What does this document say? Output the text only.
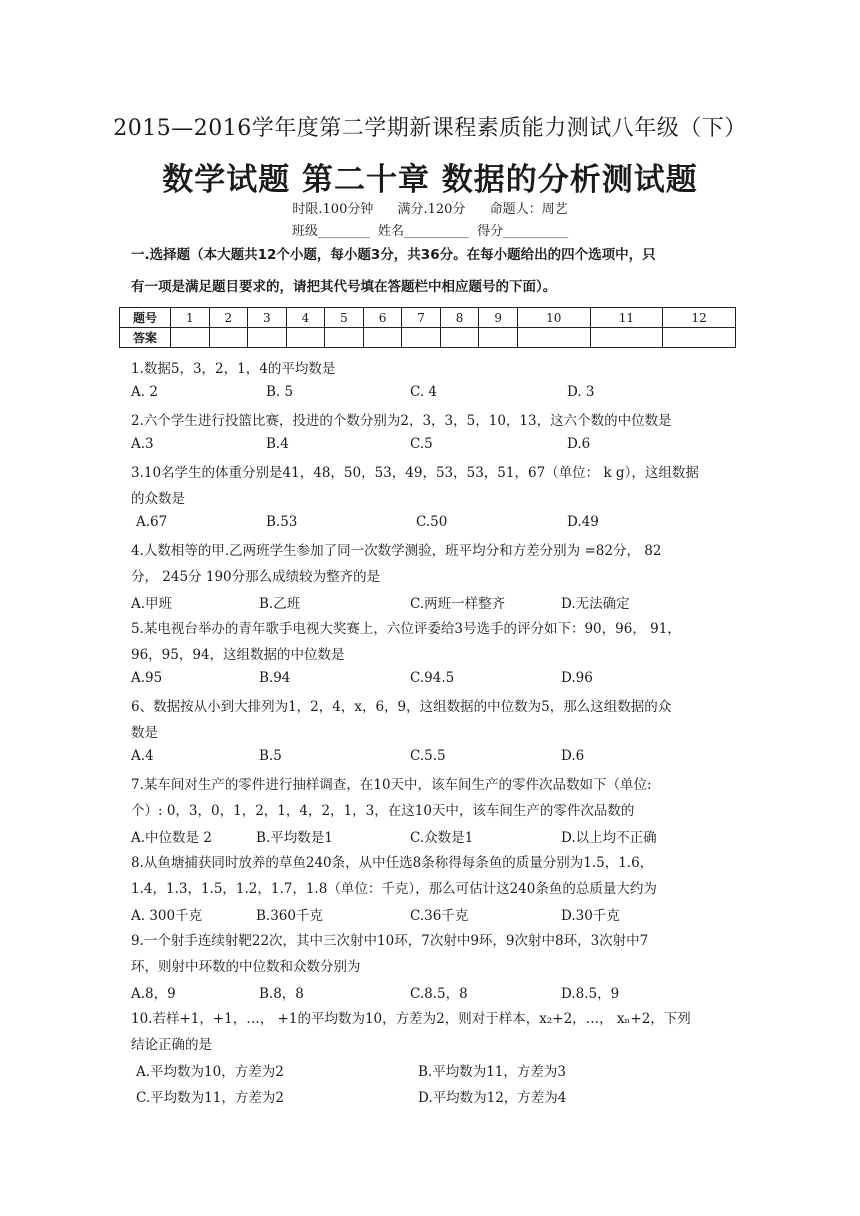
2015—2016学年度第二学期新课程素质能力测试八年级（下）
数学试题 第二十章 数据的分析测试题
时限.100分钟 满分.120分 命题人：周艺
班级________ 姓名__________ 得分__________
一.选择题（本大题共12个小题，每小题3分，共36分。在每小题给出的四个选项中，只
有一项是满足题目要求的，请把其代号填在答题栏中相应题号的下面）。
题号	1	2	3	4	5	6	7	8	9	10	11	12
答案												
1.数据5，3，2，1，4的平均数是
A. 2	B. 5	C. 4	D. 3
2.六个学生进行投篮比赛，投进的个数分别为2，3，3，5，10，13，这六个数的中位数是
A.3	B.4	C.5	D.6
3.10名学生的体重分别是41，48，50，53，49，53，53，51，67（单位： k g），这组数据
的众数是
A.67	B.53	C.50	D.49
4.人数相等的甲.乙两班学生参加了同一次数学测验，班平均分和方差分别为 =82分， 82
分， 245分 190分那么成绩较为整齐的是
A.甲班	B.乙班	C.两班一样整齐	D.无法确定
5.某电视台举办的青年歌手电视大奖赛上，六位评委给3号选手的评分如下：90，96， 91，
96，95，94，这组数据的中位数是
A.95	B.94	C.94.5	D.96
6、数据按从小到大排列为1，2，4，x，6，9，这组数据的中位数为5，那么这组数据的众
数是
A.4	B.5	C.5.5	D.6
7.某车间对生产的零件进行抽样调查，在10天中，该车间生产的零件次品数如下（单位:
个）: 0，3，0，1，2，1，4，2，1，3，在这10天中，该车间生产的零件次品数的
A.中位数是 2	B.平均数是1	C.众数是1	D.以上均不正确
8.从鱼塘捕获同时放养的草鱼240条，从中任选8条称得每条鱼的质量分别为1.5，1.6，
1.4，1.3，1.5，1.2，1.7，1.8（单位：千克），那么可估计这240条鱼的总质量大约为
A. 300千克	B.360千克	C.36千克	D.30千克
9.一个射手连续射靶22次，其中三次射中10环，7次射中9环，9次射中8环，3次射中7
环，则射中环数的中位数和众数分别为
A.8，9	B.8，8	C.8.5，8	D.8.5，9
10.若样+1，+1，…， +1的平均数为10，方差为2，则对于样本，x₂+2，…， xₙ+2，下列
结论正确的是
A.平均数为10，方差为2	B.平均数为11，方差为3
C.平均数为11，方差为2	D.平均数为12，方差为4
